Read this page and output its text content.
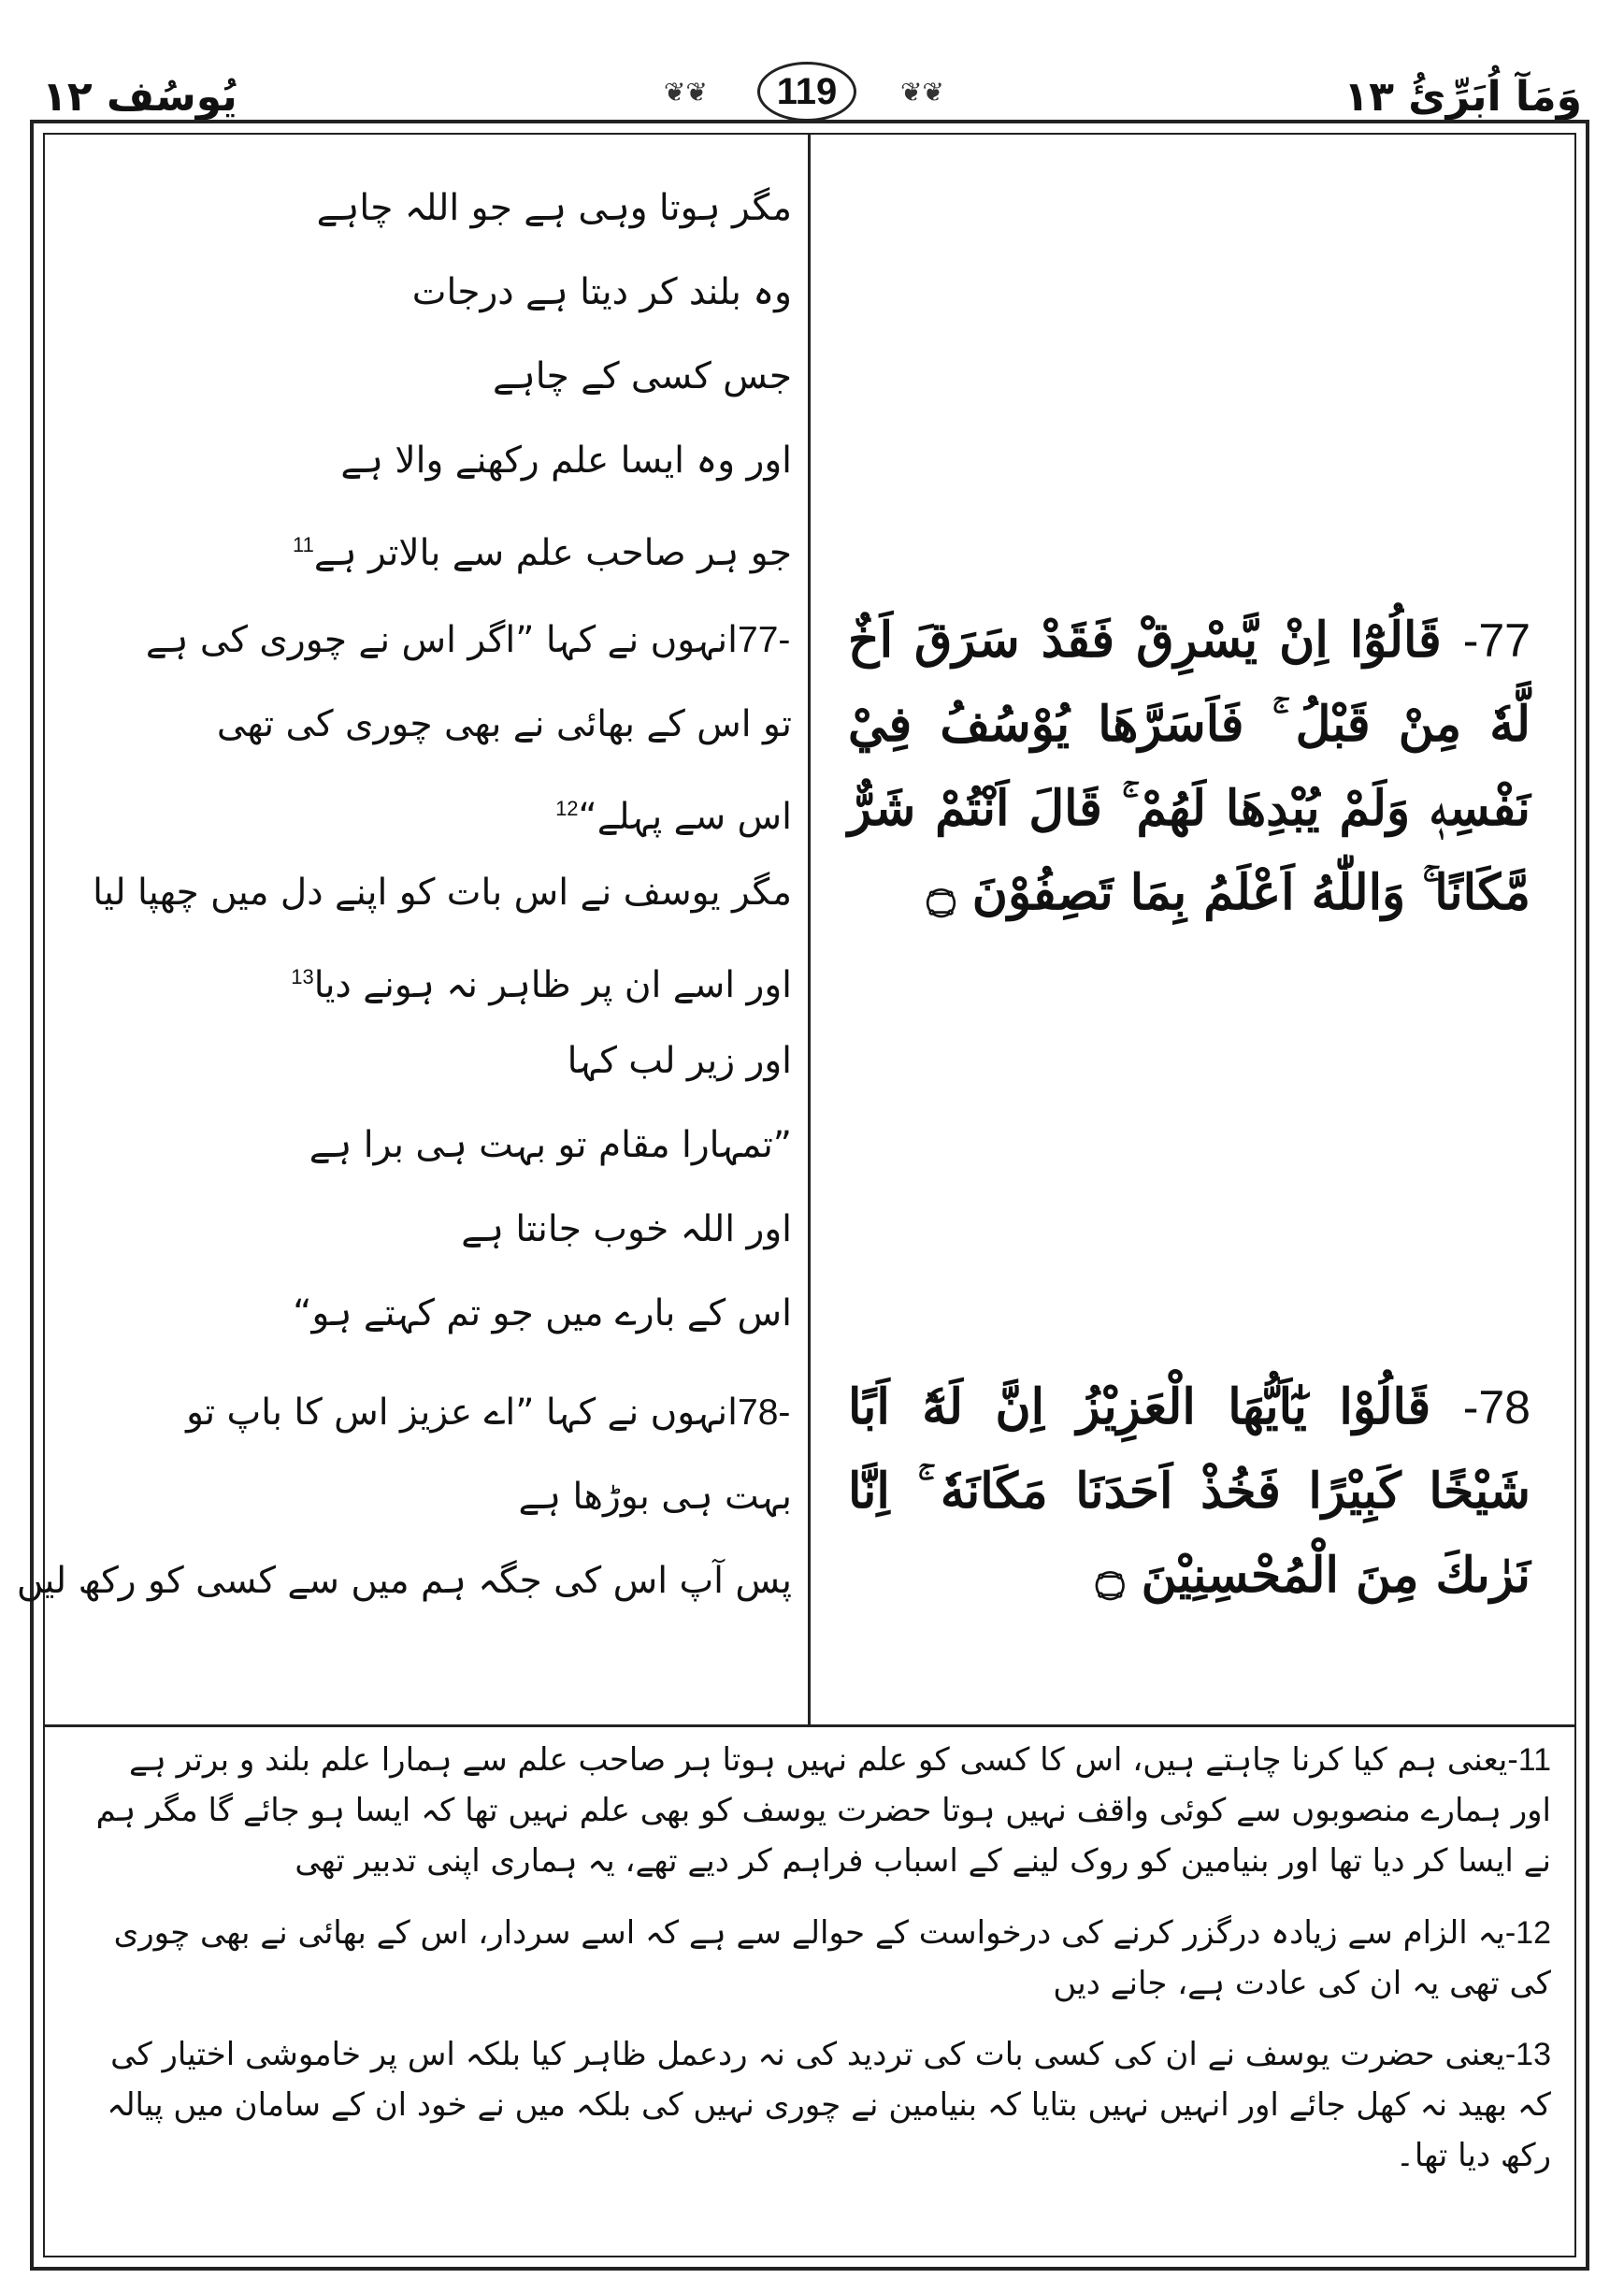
یُوسُف ۱۲	❦❦	119	❦❦	وَمَآ اُبَرِّئُ ۱۳
مگر ہوتا وہی ہے جو اللہ چاہے
وہ بلند کر دیتا ہے درجات
جس کسی کے چاہے
اور وہ ایسا علم رکھنے والا ہے
جو ہر صاحب علم سے بالاتر ہے$^{11}$
77-انہوں نے کہا ”اگر اس نے چوری کی ہے
تو اس کے بھائی نے بھی چوری کی تھی
اس سے پہلے“$^{12}$
مگر یوسف نے اس بات کو اپنے دل میں چھپا لیا
اور اسے ان پر ظاہر نہ ہونے دیا$^{13}$
اور زیر لب کہا
”تمہارا مقام تو بہت ہی برا ہے
اور اللہ خوب جانتا ہے
اس کے بارے میں جو تم کہتے ہو“
78-انہوں نے کہا ”اے عزیز اس کا باپ تو
بہت ہی بوڑھا ہے
پس آپ اس کی جگہ ہم میں سے کسی کو رکھ لیں
77- قَالُوْٓا اِنْ يَّسْرِقْ فَقَدْ سَرَقَ اَخٌ لَّهٗ مِنْ قَبْلُ ۚ فَاَسَرَّهَا يُوْسُفُ فِيْ نَفْسِهٖ وَلَمْ يُبْدِهَا لَهُمْ ۚ قَالَ اَنْتُمْ شَرٌّ مَّكَانًا ۚ وَاللّٰهُ اَعْلَمُ بِمَا تَصِفُوْنَ ۝
78- قَالُوْا يٰٓاَيُّهَا الْعَزِيْزُ اِنَّ لَهٗٓ اَبًا شَيْخًا كَبِيْرًا فَخُذْ اَحَدَنَا مَكَانَهٗ ۚ اِنَّا نَرٰىكَ مِنَ الْمُحْسِنِيْنَ ۝
11-یعنی ہم کیا کرنا چاہتے ہیں، اس کا کسی کو علم نہیں ہوتا ہر صاحب علم سے ہمارا علم بلند و برتر ہے اور ہمارے منصوبوں سے کوئی واقف نہیں ہوتا حضرت یوسف کو بھی علم نہیں تھا کہ ایسا ہو جائے گا مگر ہم نے ایسا کر دیا تھا اور بنیامین کو روک لینے کے اسباب فراہم کر دیے تھے، یہ ہماری اپنی تدبیر تھی
12-یہ الزام سے زیادہ درگزر کرنے کی درخواست کے حوالے سے ہے کہ اسے سردار، اس کے بھائی نے بھی چوری کی تھی یہ ان کی عادت ہے، جانے دیں
13-یعنی حضرت یوسف نے ان کی کسی بات کی تردید کی نہ ردعمل ظاہر کیا بلکہ اس پر خاموشی اختیار کی کہ بھید نہ کھل جائے اور انہیں نہیں بتایا کہ بنیامین نے چوری نہیں کی بلکہ میں نے خود ان کے سامان میں پیالہ رکھ دیا تھا۔
